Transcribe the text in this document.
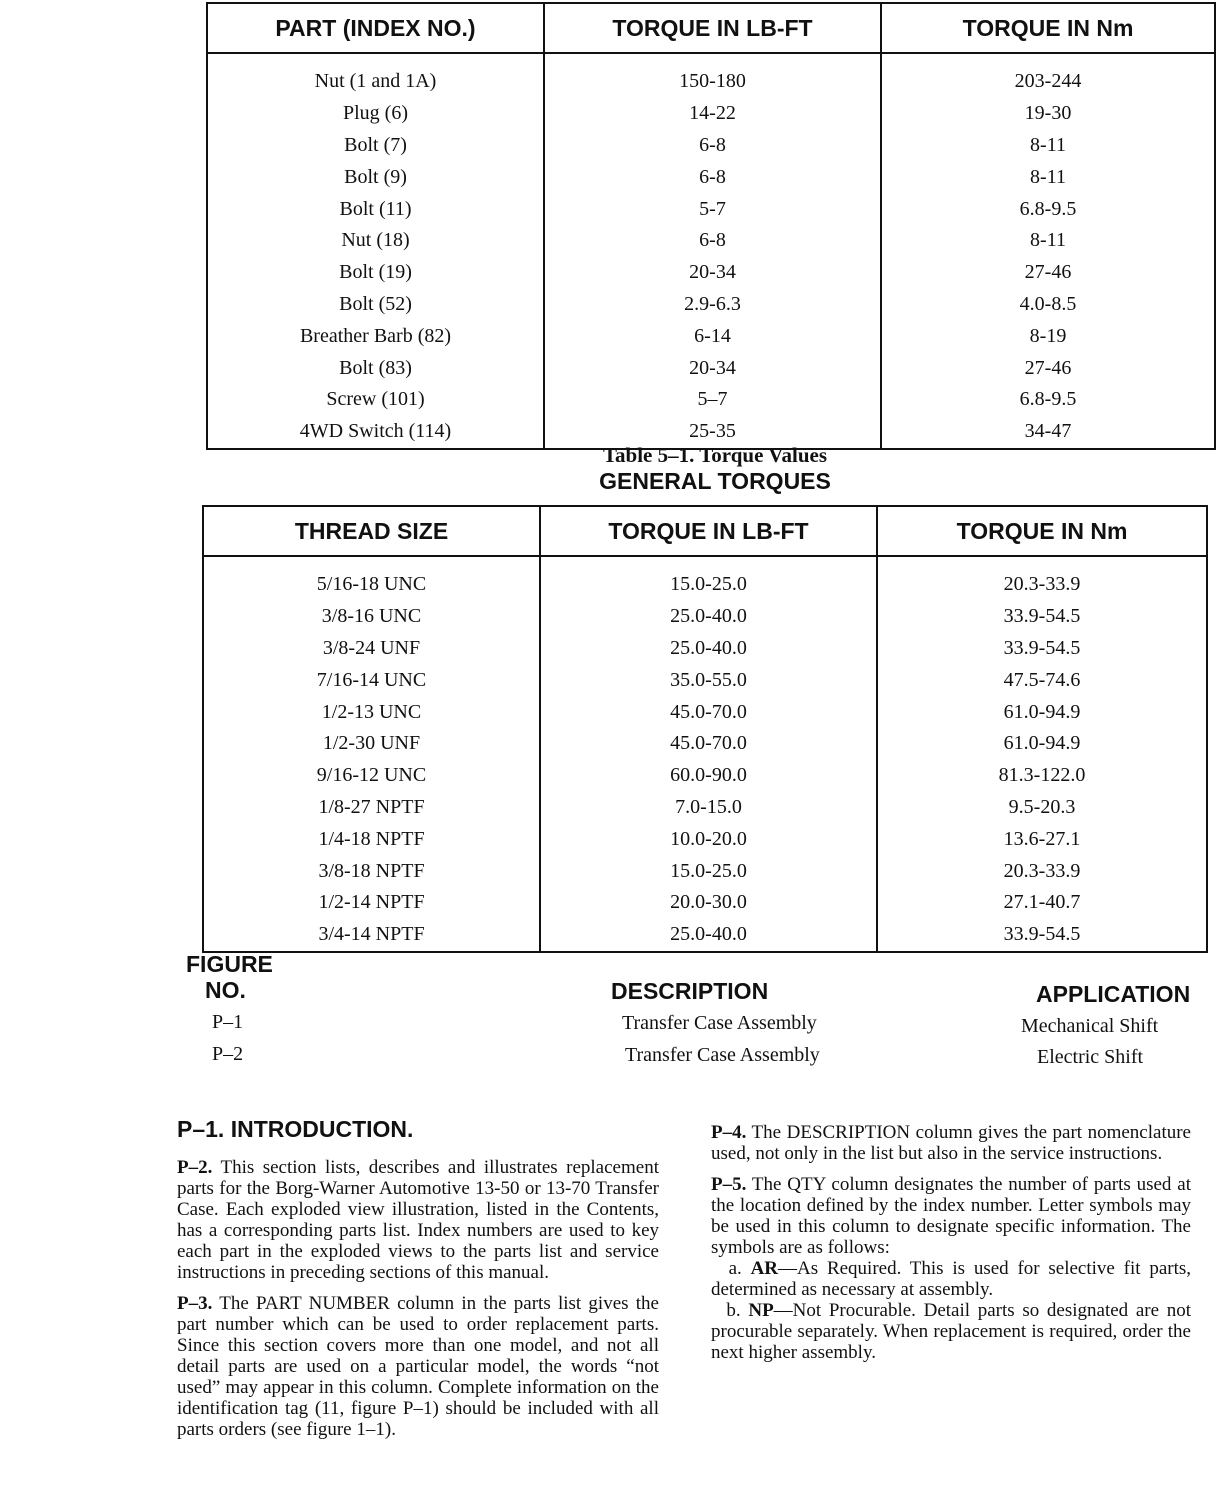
PART (INDEX NO.)	TORQUE IN LB-FT	TORQUE IN Nm
Nut (1 and 1A)	150-180	203-244
Plug (6)	14-22	19-30
Bolt (7)	6-8	8-11
Bolt (9)	6-8	8-11
Bolt (11)	5-7	6.8-9.5
Nut (18)	6-8	8-11
Bolt (19)	20-34	27-46
Bolt (52)	2.9-6.3	4.0-8.5
Breather Barb (82)	6-14	8-19
Bolt (83)	20-34	27-46
Screw (101)	5–7	6.8-9.5
4WD Switch (114)	25-35	34-47
Table 5–1. Torque Values
GENERAL TORQUES
THREAD SIZE	TORQUE IN LB-FT	TORQUE IN Nm
5/16-18 UNC	15.0-25.0	20.3-33.9
3/8-16 UNC	25.0-40.0	33.9-54.5
3/8-24 UNF	25.0-40.0	33.9-54.5
7/16-14 UNC	35.0-55.0	47.5-74.6
1/2-13 UNC	45.0-70.0	61.0-94.9
1/2-30 UNF	45.0-70.0	61.0-94.9
9/16-12 UNC	60.0-90.0	81.3-122.0
1/8-27 NPTF	7.0-15.0	9.5-20.3
1/4-18 NPTF	10.0-20.0	13.6-27.1
3/8-18 NPTF	15.0-25.0	20.3-33.9
1/2-14 NPTF	20.0-30.0	27.1-40.7
3/4-14 NPTF	25.0-40.0	33.9-54.5
FIGURE
NO.	DESCRIPTION	APPLICATION
P–1	Transfer Case Assembly	Mechanical Shift
P–2	Transfer Case Assembly	Electric Shift
P–1. INTRODUCTION.

P–2. This section lists, describes and illustrates replacement parts for the Borg-Warner Automotive 13-50 or 13-70 Transfer Case. Each exploded view illustration, listed in the Contents, has a corresponding parts list. Index numbers are used to key each part in the exploded views to the parts list and service instructions in preceding sections of this manual.

P–3. The PART NUMBER column in the parts list gives the part number which can be used to order replacement parts. Since this section covers more than one model, and not all detail parts are used on a particular model, the words “not used” may appear in this column. Complete information on the identification tag (11, figure P–1) should be included with all parts orders (see figure 1–1).

P–4. The DESCRIPTION column gives the part nomenclature used, not only in the list but also in the service instructions.

P–5. The QTY column designates the number of parts used at the location defined by the index number. Letter symbols may be used in this column to designate specific information. The symbols are as follows:

a. AR—As Required. This is used for selective fit parts, determined as necessary at assembly.

b. NP—Not Procurable. Detail parts so designated are not procurable separately. When replacement is required, order the next higher assembly.
